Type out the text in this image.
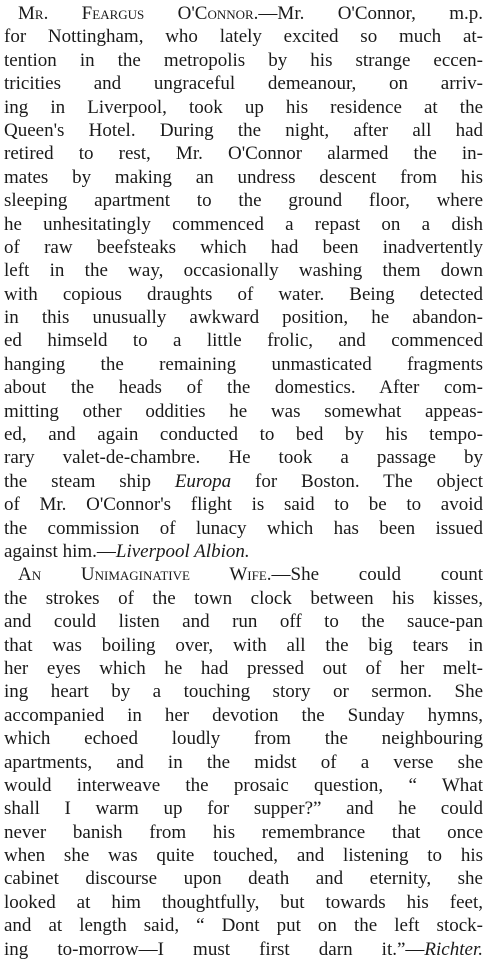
Mr. Feargus O'Connor.—Mr. O'Connor, m.p.
for Nottingham, who lately excited so much at-
tention in the metropolis by his strange eccen-
tricities and ungraceful demeanour, on arriv-
ing in Liverpool, took up his residence at the
Queen's Hotel. During the night, after all had
retired to rest, Mr. O'Connor alarmed the in-
mates by making an undress descent from his
sleeping apartment to the ground floor, where
he unhesitatingly commenced a repast on a dish
of raw beefsteaks which had been inadvertently
left in the way, occasionally washing them down
with copious draughts of water. Being detected
in this unusually awkward position, he abandon-
ed himseld to a little frolic, and commenced
hanging the remaining unmasticated fragments
about the heads of the domestics. After com-
mitting other oddities he was somewhat appeas-
ed, and again conducted to bed by his tempo-
rary valet-de-chambre. He took a passage by
the steam ship Europa for Boston. The object
of Mr. O'Connor's flight is said to be to avoid
the commission of lunacy which has been issued
against him.—Liverpool Albion.
An Unimaginative Wife.—She could count
the strokes of the town clock between his kisses,
and could listen and run off to the sauce-pan
that was boiling over, with all the big tears in
her eyes which he had pressed out of her melt-
ing heart by a touching story or sermon. She
accompanied in her devotion the Sunday hymns,
which echoed loudly from the neighbouring
apartments, and in the midst of a verse she
would interweave the prosaic question, “ What
shall I warm up for supper?” and he could
never banish from his remembrance that once
when she was quite touched, and listening to his
cabinet discourse upon death and eternity, she
looked at him thoughtfully, but towards his feet,
and at length said, “ Dont put on the left stock-
ing to-morrow—I must first darn it.”—Richter.
